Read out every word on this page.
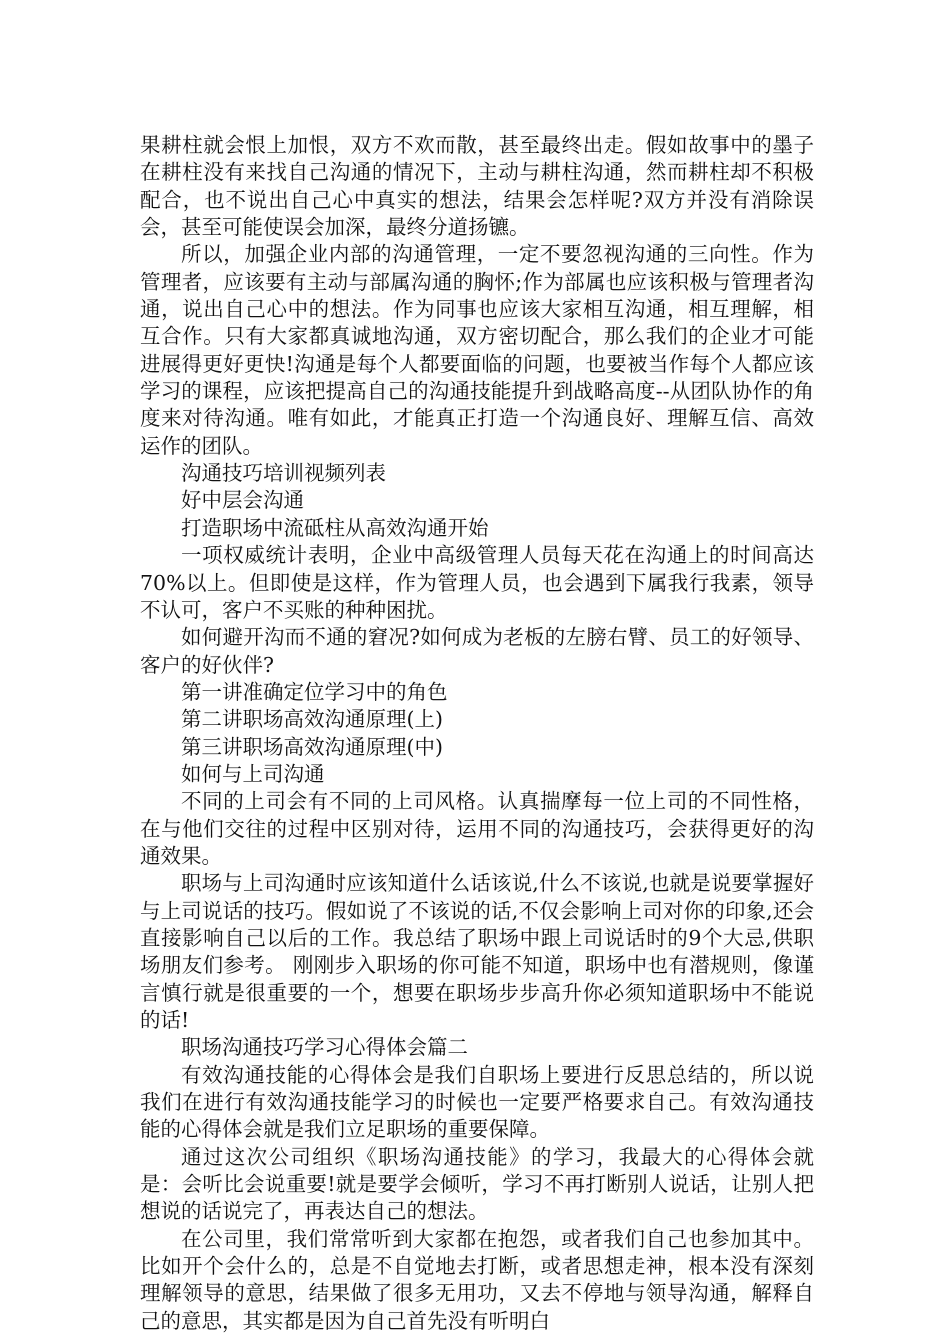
果耕柱就会恨上加恨，双方不欢而散，甚至最终出走。假如故事中的墨子在耕柱没有来找自己沟通的情况下，主动与耕柱沟通，然而耕柱却不积极配合，也不说出自己心中真实的想法，结果会怎样呢?双方并没有消除误会，甚至可能使误会加深，最终分道扬镳。

所以，加强企业内部的沟通管理，一定不要忽视沟通的三向性。作为管理者，应该要有主动与部属沟通的胸怀;作为部属也应该积极与管理者沟通，说出自己心中的想法。作为同事也应该大家相互沟通，相互理解，相互合作。只有大家都真诚地沟通，双方密切配合，那么我们的企业才可能进展得更好更快!沟通是每个人都要面临的问题，也要被当作每个人都应该学习的课程，应该把提高自己的沟通技能提升到战略高度--从团队协作的角度来对待沟通。唯有如此，才能真正打造一个沟通良好、理解互信、高效运作的团队。

沟通技巧培训视频列表

好中层会沟通

打造职场中流砥柱从高效沟通开始

一项权威统计表明，企业中高级管理人员每天花在沟通上的时间高达70%以上。但即使是这样，作为管理人员，也会遇到下属我行我素，领导不认可，客户不买账的种种困扰。

如何避开沟而不通的窘况?如何成为老板的左膀右臂、员工的好领导、客户的好伙伴?

第一讲准确定位学习中的角色

第二讲职场高效沟通原理(上)

第三讲职场高效沟通原理(中)

如何与上司沟通

不同的上司会有不同的上司风格。认真揣摩每一位上司的不同性格，在与他们交往的过程中区别对待，运用不同的沟通技巧，会获得更好的沟通效果。

职场与上司沟通时应该知道什么话该说,什么不该说,也就是说要掌握好与上司说话的技巧。假如说了不该说的话,不仅会影响上司对你的印象,还会直接影响自己以后的工作。我总结了职场中跟上司说话时的9个大忌,供职场朋友们参考。 刚刚步入职场的你可能不知道，职场中也有潜规则，像谨言慎行就是很重要的一个，想要在职场步步高升你必须知道职场中不能说的话!

职场沟通技巧学习心得体会篇二

有效沟通技能的心得体会是我们自职场上要进行反思总结的，所以说我们在进行有效沟通技能学习的时候也一定要严格要求自己。有效沟通技能的心得体会就是我们立足职场的重要保障。

通过这次公司组织《职场沟通技能》的学习，我最大的心得体会就是：会听比会说重要!就是要学会倾听，学习不再打断别人说话，让别人把想说的话说完了，再表达自己的想法。

在公司里，我们常常听到大家都在抱怨，或者我们自己也参加其中。比如开个会什么的，总是不自觉地去打断，或者思想走神，根本没有深刻理解领导的意思，结果做了很多无用功，又去不停地与领导沟通，解释自己的意思，其实都是因为自己首先没有听明白
